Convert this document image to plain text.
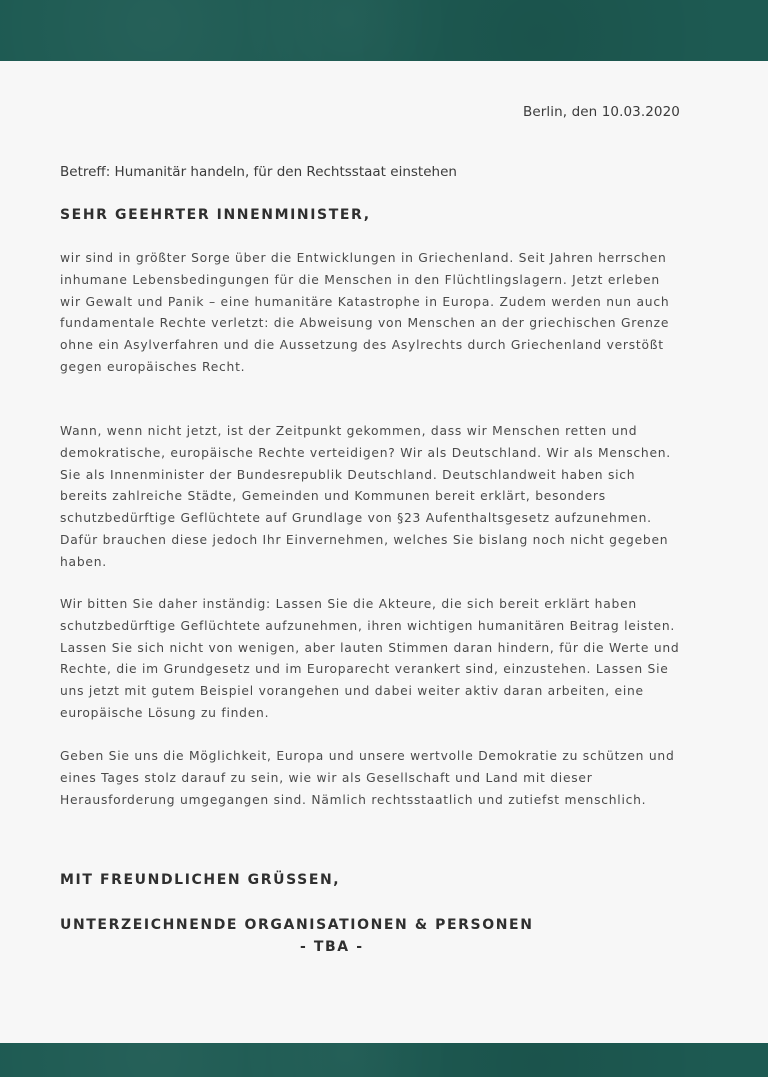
Berlin, den 10.03.2020
Betreff: Humanitär handeln, für den Rechtsstaat einstehen
SEHR GEEHRTER INNENMINISTER,

wir sind in größter Sorge über die Entwicklungen in Griechenland. Seit Jahren herrschen inhumane Lebensbedingungen für die Menschen in den Flüchtlingslagern. Jetzt erleben wir Gewalt und Panik – eine humanitäre Katastrophe in Europa. Zudem werden nun auch fundamentale Rechte verletzt: die Abweisung von Menschen an der griechischen Grenze ohne ein Asylverfahren und die Aussetzung des Asylrechts durch Griechenland verstößt gegen europäisches Recht.

Wann, wenn nicht jetzt, ist der Zeitpunkt gekommen, dass wir Menschen retten und demokratische, europäische Rechte verteidigen? Wir als Deutschland. Wir als Menschen. Sie als Innenminister der Bundesrepublik Deutschland. Deutschlandweit haben sich bereits zahlreiche Städte, Gemeinden und Kommunen bereit erklärt, besonders schutzbedürftige Geflüchtete auf Grundlage von §23 Aufenthaltsgesetz aufzunehmen. Dafür brauchen diese jedoch Ihr Einvernehmen, welches Sie bislang noch nicht gegeben haben.

Wir bitten Sie daher inständig: Lassen Sie die Akteure, die sich bereit erklärt haben schutzbedürftige Geflüchtete aufzunehmen, ihren wichtigen humanitären Beitrag leisten. Lassen Sie sich nicht von wenigen, aber lauten Stimmen daran hindern, für die Werte und Rechte, die im Grundgesetz und im Europarecht verankert sind, einzustehen. Lassen Sie uns jetzt mit gutem Beispiel vorangehen und dabei weiter aktiv daran arbeiten, eine europäische Lösung zu finden.

Geben Sie uns die Möglichkeit, Europa und unsere wertvolle Demokratie zu schützen und eines Tages stolz darauf zu sein, wie wir als Gesellschaft und Land mit dieser Herausforderung umgegangen sind. Nämlich rechtsstaatlich und zutiefst menschlich.

MIT FREUNDLICHEN GRÜSSEN,
UNTERZEICHNENDE ORGANISATIONEN & PERSONEN
- TBA -
